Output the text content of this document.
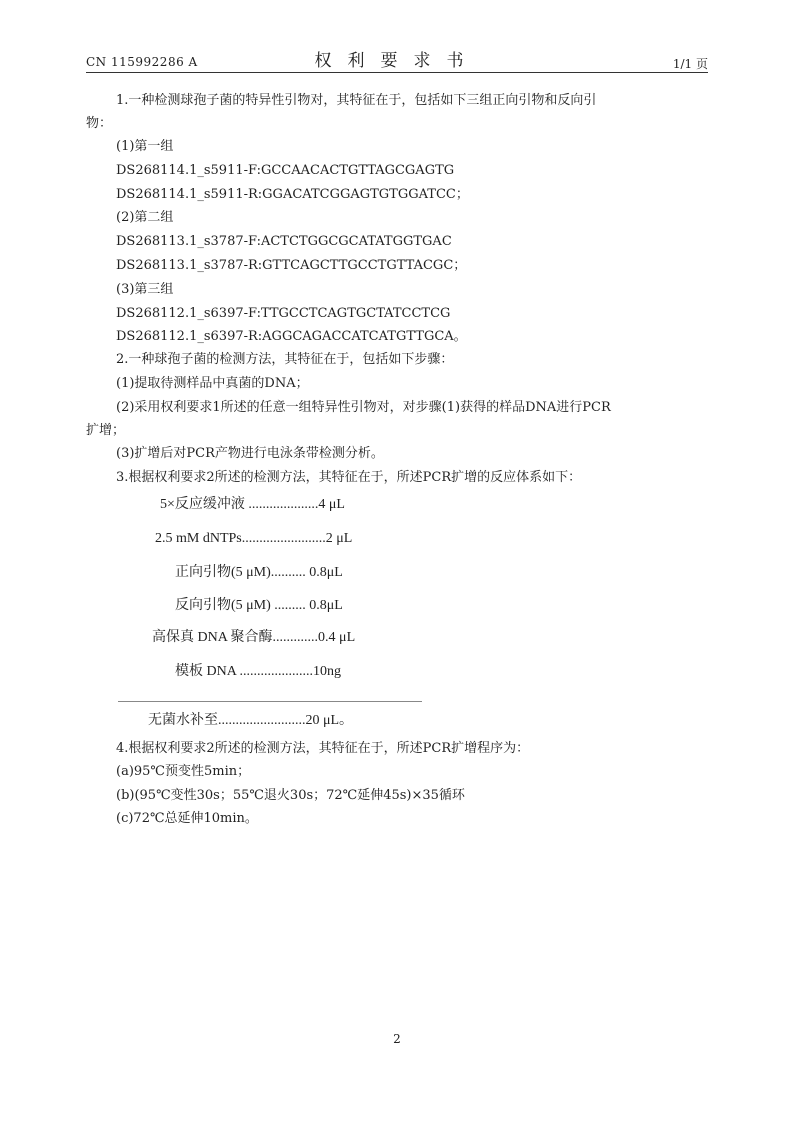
CN 115992286 A	权利要求书	1/1 页
1.一种检测球孢子菌的特异性引物对，其特征在于，包括如下三组正向引物和反向引
物：
(1)第一组
DS268114.1_s5911-F:GCCAACACTGTTAGCGAGTG
DS268114.1_s5911-R:GGACATCGGAGTGTGGATCC；
(2)第二组
DS268113.1_s3787-F:ACTCTGGCGCATATGGTGAC
DS268113.1_s3787-R:GTTCAGCTTGCCTGTTACGC；
(3)第三组
DS268112.1_s6397-F:TTGCCTCAGTGCTATCCTCG
DS268112.1_s6397-R:AGGCAGACCATCATGTTGCA。
2.一种球孢子菌的检测方法，其特征在于，包括如下步骤：
(1)提取待测样品中真菌的DNA；
(2)采用权利要求1所述的任意一组特异性引物对，对步骤(1)获得的样品DNA进行PCR
扩增；
(3)扩增后对PCR产物进行电泳条带检测分析。
3.根据权利要求2所述的检测方法，其特征在于，所述PCR扩增的反应体系如下：
5×反应缓冲液 ....................4 μL
2.5 mM dNTPs........................2 μL
正向引物(5 μM).......... 0.8μL
反向引物(5 μM) ......... 0.8μL
高保真 DNA 聚合酶.............0.4 μL
模板 DNA .....................10ng
无菌水补至.........................20 μL。
4.根据权利要求2所述的检测方法，其特征在于，所述PCR扩增程序为：
(a)95℃预变性5min；
(b)(95℃变性30s；55℃退火30s；72℃延伸45s)×35循环
(c)72℃总延伸10min。
2
